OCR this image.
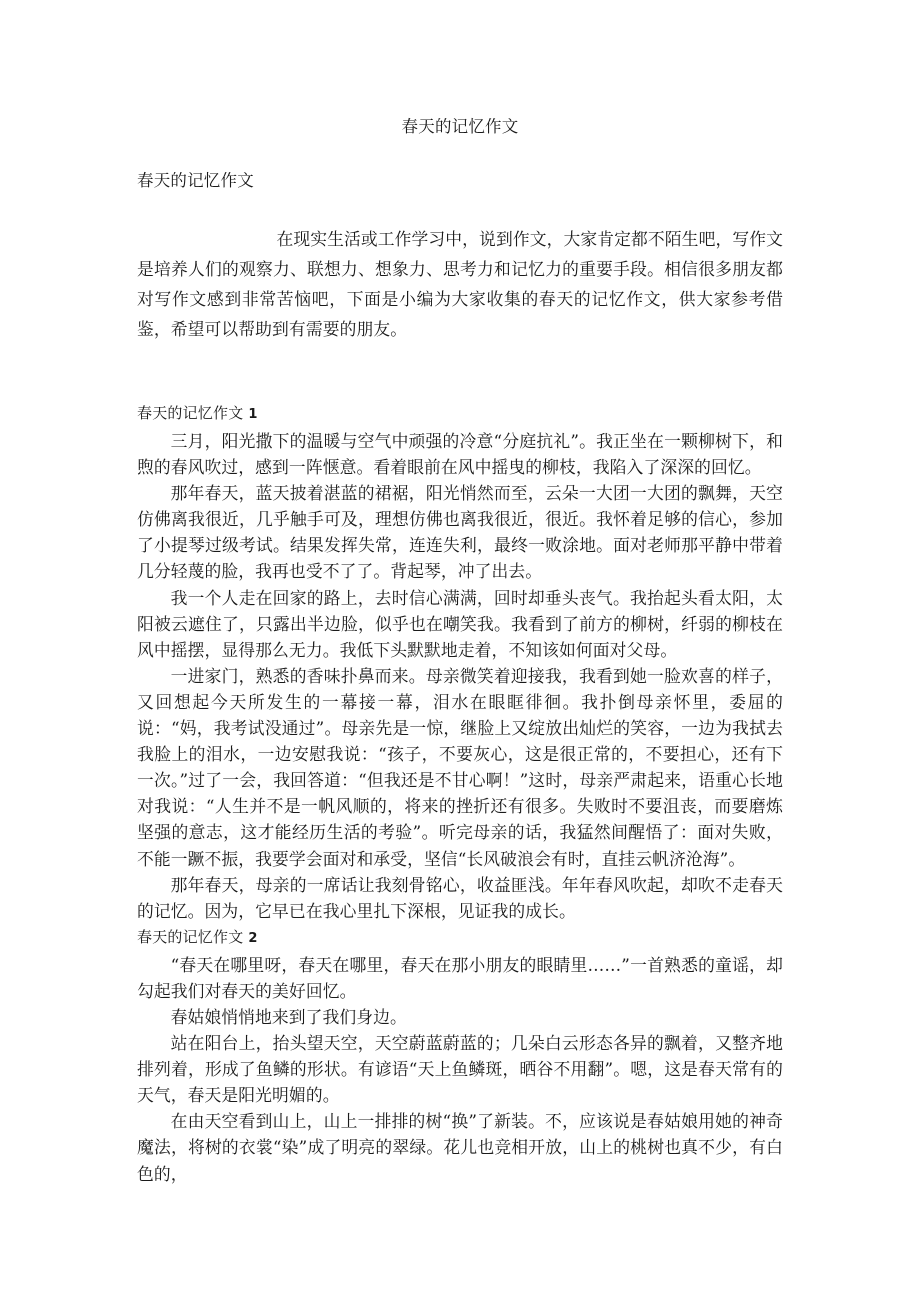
春天的记忆作文
春天的记忆作文
在现实生活或工作学习中，说到作文，大家肯定都不陌生吧，写作文是培养人们的观察力、联想力、想象力、思考力和记忆力的重要手段。相信很多朋友都对写作文感到非常苦恼吧，下面是小编为大家收集的春天的记忆作文，供大家参考借鉴，希望可以帮助到有需要的朋友。
春天的记忆作文 1
三月，阳光撒下的温暖与空气中顽强的冷意“分庭抗礼”。我正坐在一颗柳树下，和煦的春风吹过，感到一阵惬意。看着眼前在风中摇曳的柳枝，我陷入了深深的回忆。
那年春天，蓝天披着湛蓝的裙裾，阳光悄然而至，云朵一大团一大团的飘舞，天空仿佛离我很近，几乎触手可及，理想仿佛也离我很近，很近。我怀着足够的信心，参加了小提琴过级考试。结果发挥失常，连连失利，最终一败涂地。面对老师那平静中带着几分轻蔑的脸，我再也受不了了。背起琴，冲了出去。
我一个人走在回家的路上，去时信心满满，回时却垂头丧气。我抬起头看太阳，太阳被云遮住了，只露出半边脸，似乎也在嘲笑我。我看到了前方的柳树，纤弱的柳枝在风中摇摆，显得那么无力。我低下头默默地走着，不知该如何面对父母。
一进家门，熟悉的香味扑鼻而来。母亲微笑着迎接我，我看到她一脸欢喜的样子，又回想起今天所发生的一幕接一幕，泪水在眼眶徘徊。我扑倒母亲怀里，委屈的说：“妈，我考试没通过”。母亲先是一惊，继脸上又绽放出灿烂的笑容，一边为我拭去我脸上的泪水，一边安慰我说：“孩子，不要灰心，这是很正常的，不要担心，还有下一次。”过了一会，我回答道：“但我还是不甘心啊！”这时，母亲严肃起来，语重心长地对我说：“人生并不是一帆风顺的，将来的挫折还有很多。失败时不要沮丧，而要磨炼坚强的意志，这才能经历生活的考验”。听完母亲的话，我猛然间醒悟了：面对失败，不能一蹶不振，我要学会面对和承受，坚信“长风破浪会有时，直挂云帆济沧海”。
那年春天，母亲的一席话让我刻骨铭心，收益匪浅。年年春风吹起，却吹不走春天的记忆。因为，它早已在我心里扎下深根，见证我的成长。
春天的记忆作文 2
“春天在哪里呀，春天在哪里，春天在那小朋友的眼睛里……”一首熟悉的童谣，却勾起我们对春天的美好回忆。
春姑娘悄悄地来到了我们身边。
站在阳台上，抬头望天空，天空蔚蓝蔚蓝的；几朵白云形态各异的飘着，又整齐地排列着，形成了鱼鳞的形状。有谚语“天上鱼鳞斑，晒谷不用翻”。嗯，这是春天常有的天气，春天是阳光明媚的。
在由天空看到山上，山上一排排的树“换”了新装。不，应该说是春姑娘用她的神奇魔法，将树的衣裳“染”成了明亮的翠绿。花儿也竞相开放，山上的桃树也真不少，有白色的，
